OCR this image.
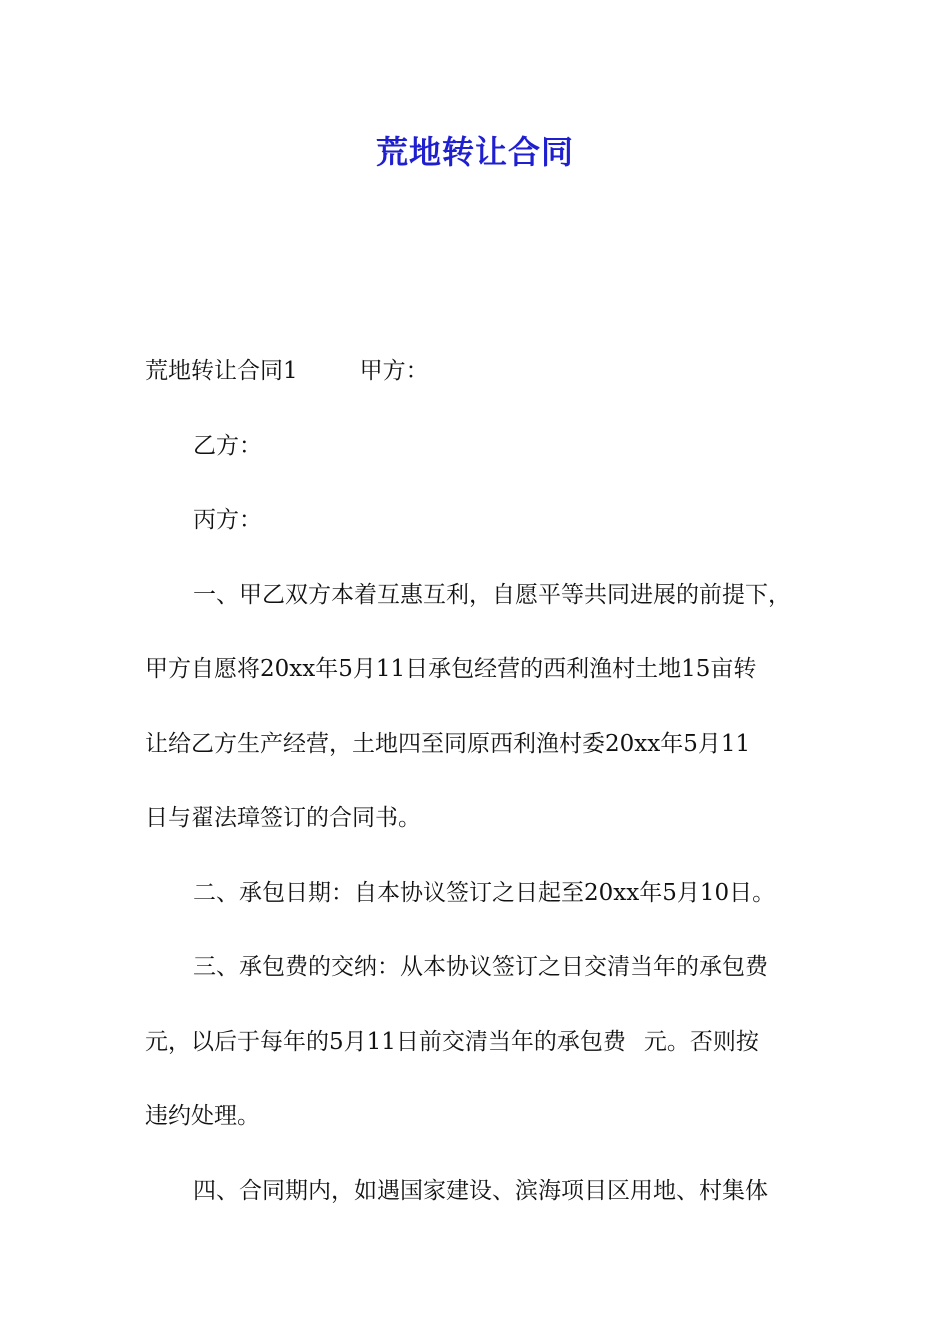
荒地转让合同
荒地转让合同1	甲方：
乙方：
丙方：
一、甲乙双方本着互惠互利，自愿平等共同进展的前提下，
甲方自愿将20xx年5月11日承包经营的西利渔村土地15亩转
让给乙方生产经营，土地四至同原西利渔村委20xx年5月11
日与翟法璋签订的合同书。
二、承包日期：自本协议签订之日起至20xx年5月10日。
三、承包费的交纳：从本协议签订之日交清当年的承包费
元，以后于每年的5月11日前交清当年的承包费 元。否则按
违约处理。
四、合同期内，如遇国家建设、滨海项目区用地、村集体
